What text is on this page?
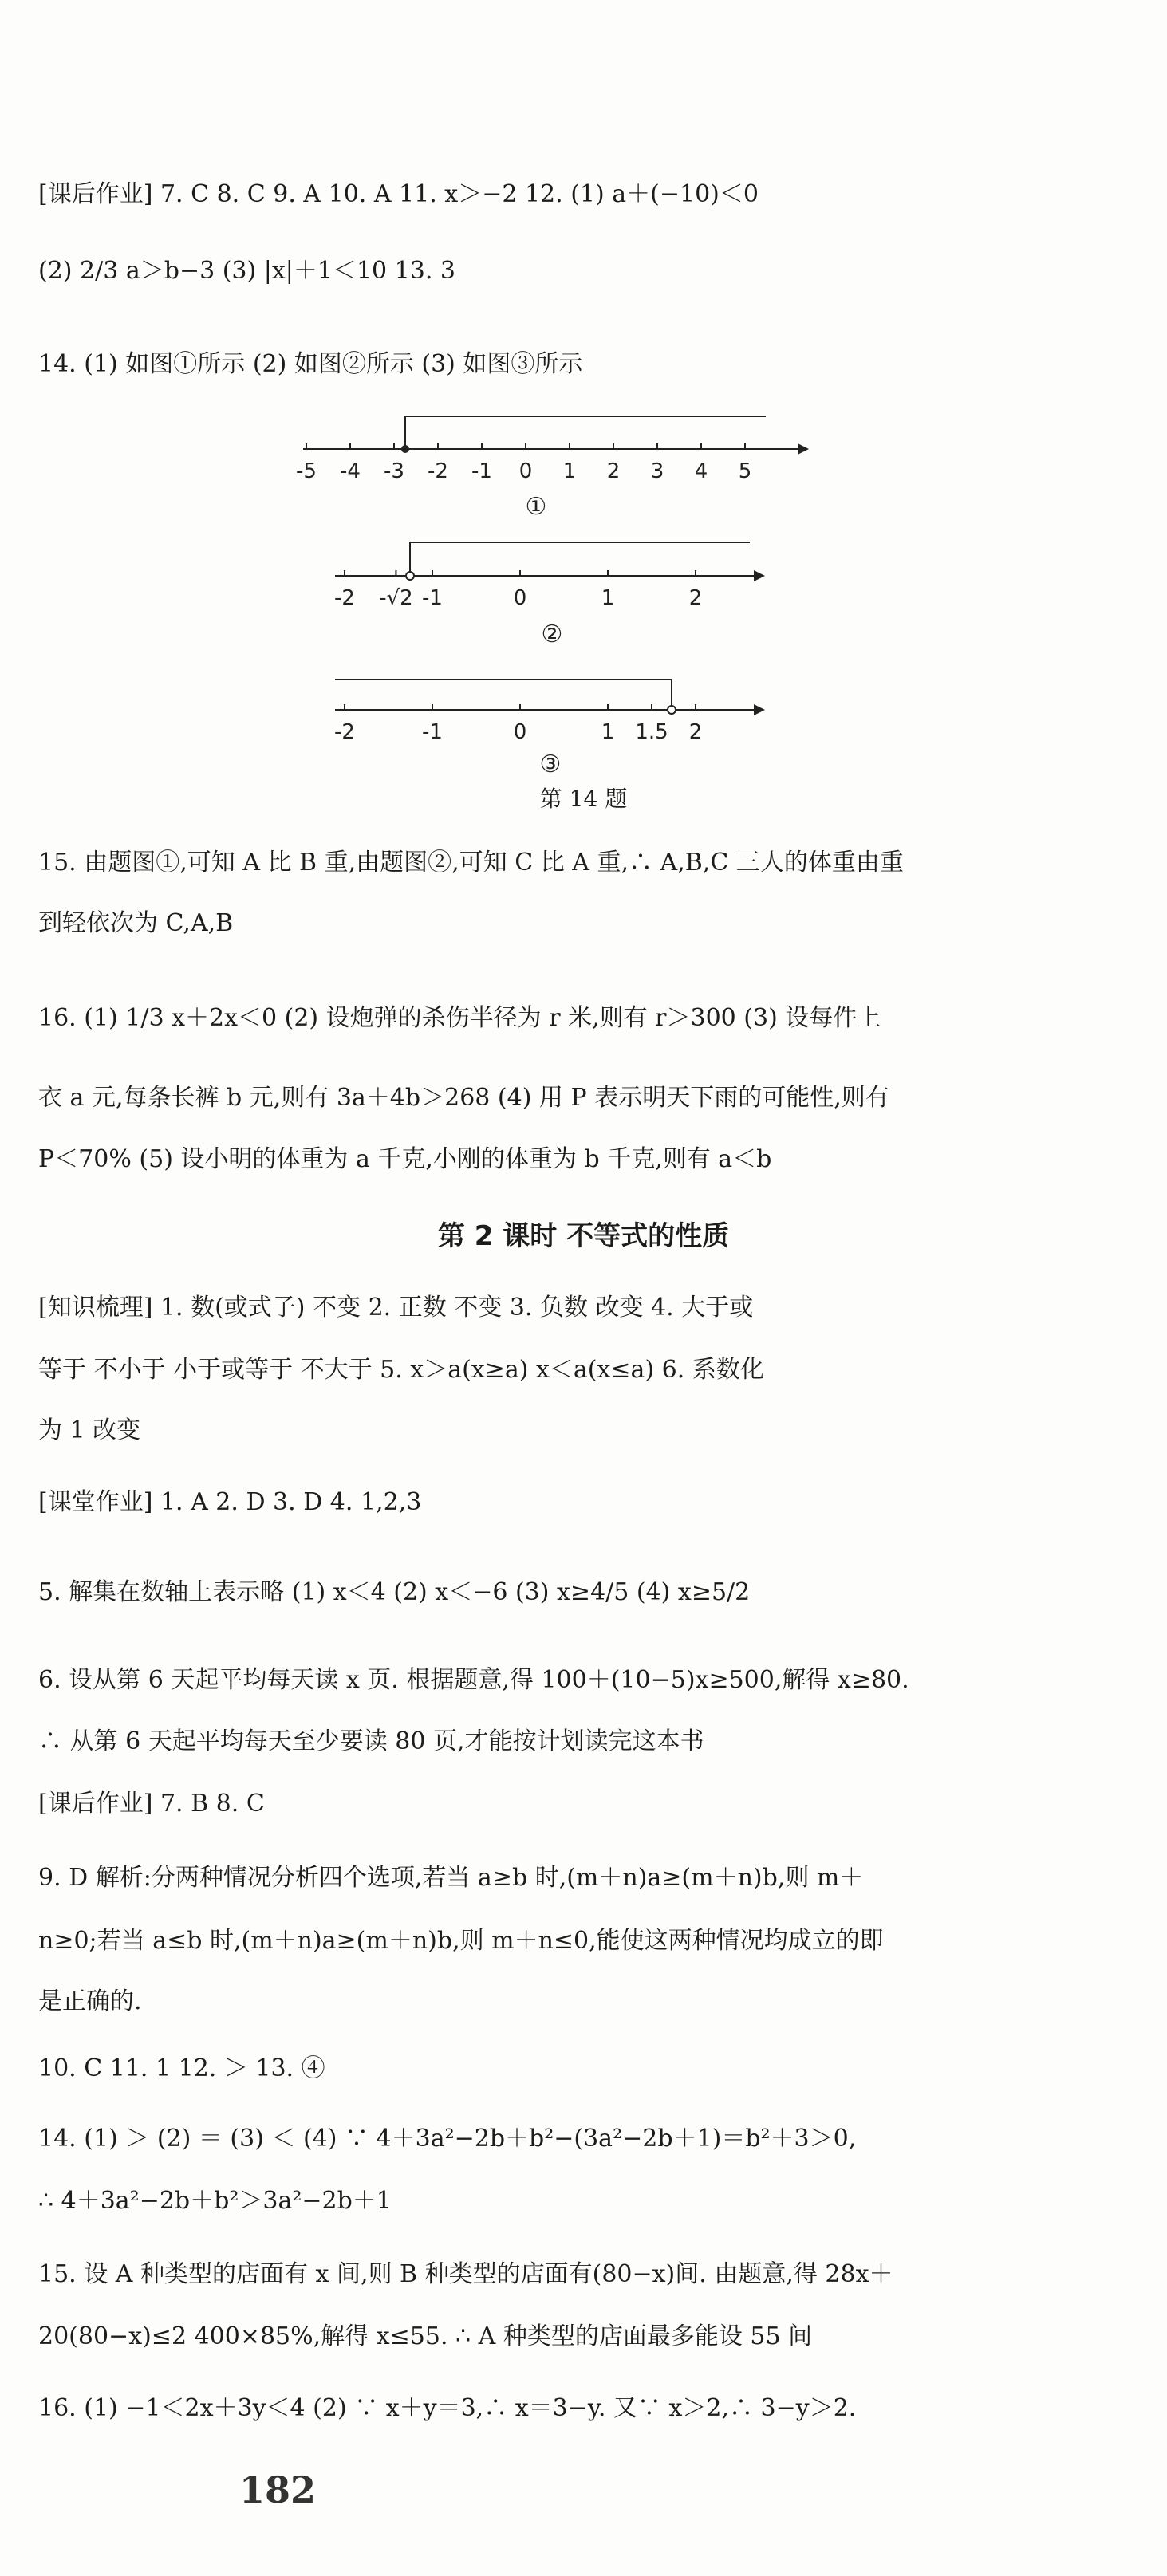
[课后作业] 7. C 8. C 9. A 10. A 11. x＞−2 12. (1) a＋(−10)＜0
(2) 2/3 a＞b−3 (3) |x|＋1＜10 13. 3
14. (1) 如图①所示 (2) 如图②所示 (3) 如图③所示
-5 -4 -3 -2 -1 0 1 2 3 4 5
①
-2 -√2 -1	0	1	2
②
-2	-1	0	1 1.5 2
③
第 14 题
15. 由题图①,可知 A 比 B 重,由题图②,可知 C 比 A 重,∴ A,B,C 三人的体重由重
到轻依次为 C,A,B
16. (1) 1/3 x＋2x＜0 (2) 设炮弹的杀伤半径为 r 米,则有 r＞300 (3) 设每件上
衣 a 元,每条长裤 b 元,则有 3a＋4b＞268 (4) 用 P 表示明天下雨的可能性,则有
P＜70% (5) 设小明的体重为 a 千克,小刚的体重为 b 千克,则有 a＜b
第 2 课时 不等式的性质
[知识梳理] 1. 数(或式子) 不变 2. 正数 不变 3. 负数 改变 4. 大于或
等于 不小于 小于或等于 不大于 5. x＞a(x≥a) x＜a(x≤a) 6. 系数化
为 1 改变
[课堂作业] 1. A 2. D 3. D 4. 1,2,3
5. 解集在数轴上表示略 (1) x＜4 (2) x＜−6 (3) x≥4/5 (4) x≥5/2
6. 设从第 6 天起平均每天读 x 页. 根据题意,得 100＋(10−5)x≥500,解得 x≥80.
∴ 从第 6 天起平均每天至少要读 80 页,才能按计划读完这本书
[课后作业] 7. B 8. C
9. D 解析:分两种情况分析四个选项,若当 a≥b 时,(m＋n)a≥(m＋n)b,则 m＋
n≥0;若当 a≤b 时,(m＋n)a≥(m＋n)b,则 m＋n≤0,能使这两种情况均成立的即
是正确的.
10. C 11. 1 12. ＞ 13. ④
14. (1) ＞ (2) ＝ (3) ＜ (4) ∵ 4＋3a²−2b＋b²−(3a²−2b＋1)＝b²＋3＞0,
∴ 4＋3a²−2b＋b²＞3a²−2b＋1
15. 设 A 种类型的店面有 x 间,则 B 种类型的店面有(80−x)间. 由题意,得 28x＋
20(80−x)≤2 400×85%,解得 x≤55. ∴ A 种类型的店面最多能设 55 间
16. (1) −1＜2x＋3y＜4 (2) ∵ x＋y＝3,∴ x＝3−y. 又∵ x＞2,∴ 3−y＞2.
182
